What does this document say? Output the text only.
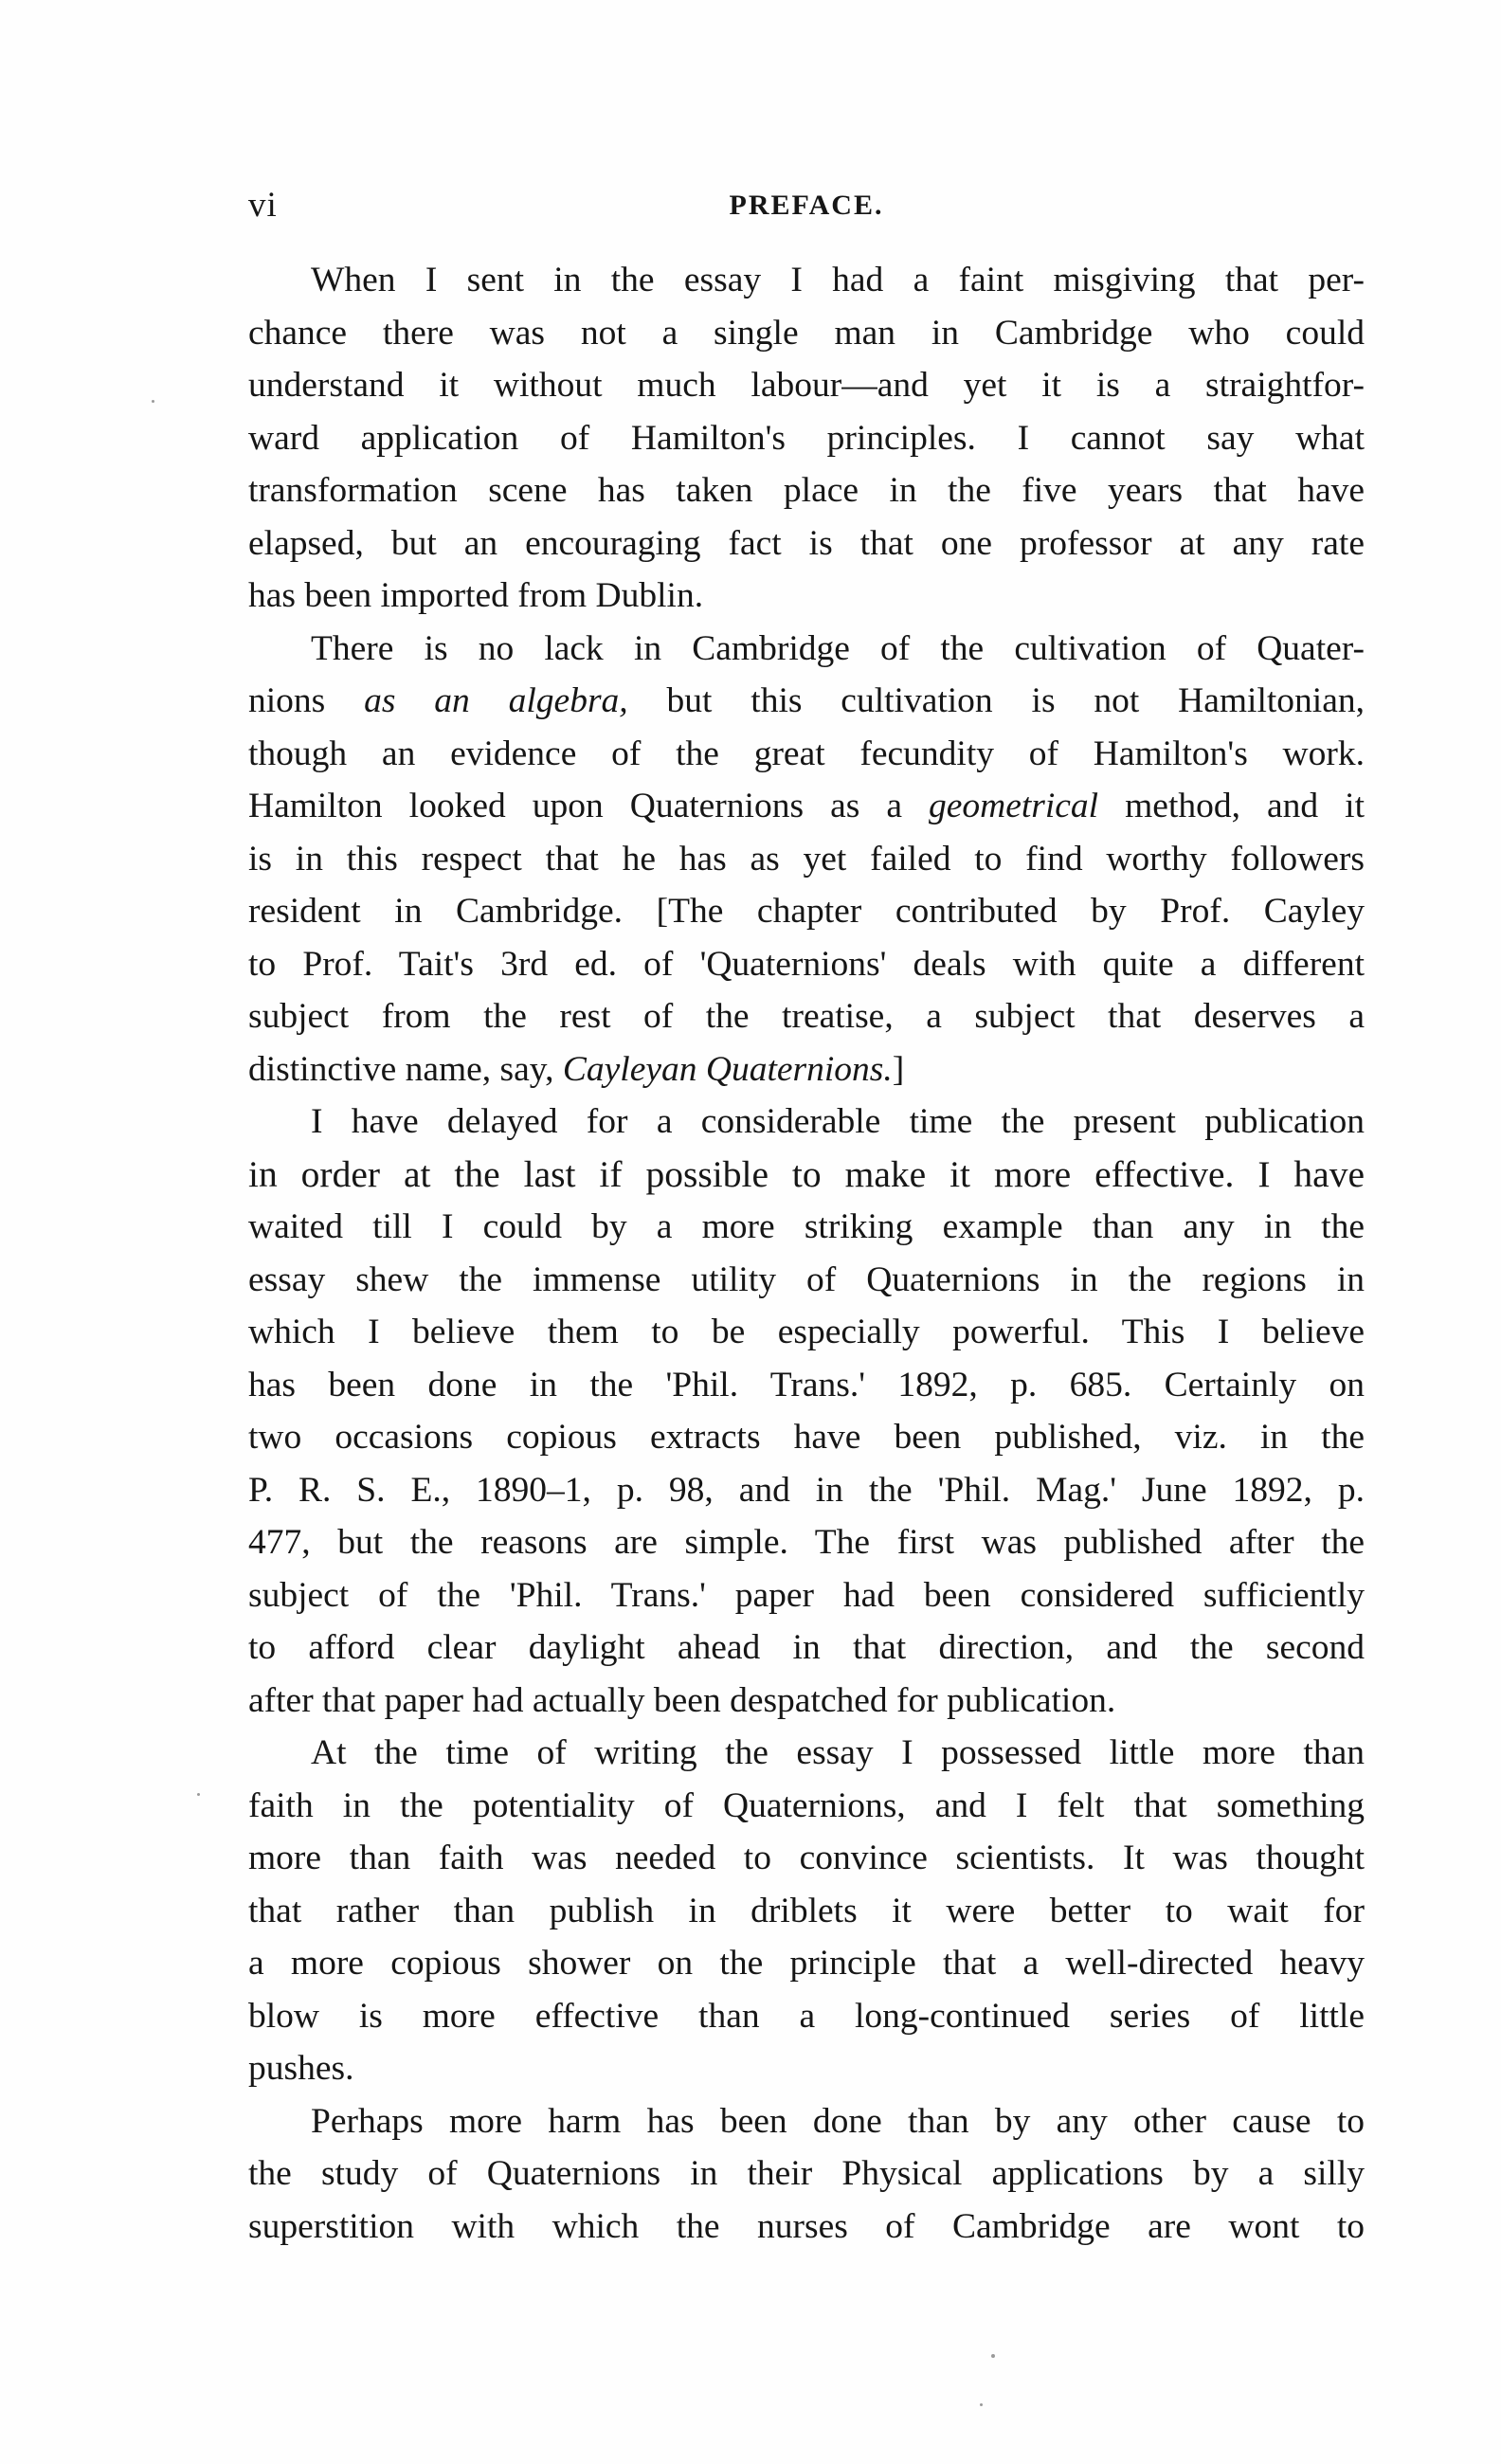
vi	PREFACE.

When I sent in the essay I had a faint misgiving that per-
chance there was not a single man in Cambridge who could
understand it without much labour—and yet it is a straightfor-
ward application of Hamilton's principles. I cannot say what
transformation scene has taken place in the five years that have
elapsed, but an encouraging fact is that one professor at any rate
has been imported from Dublin.

There is no lack in Cambridge of the cultivation of Quater-
nions as an algebra, but this cultivation is not Hamiltonian,
though an evidence of the great fecundity of Hamilton's work.
Hamilton looked upon Quaternions as a geometrical method, and it
is in this respect that he has as yet failed to find worthy followers
resident in Cambridge. [The chapter contributed by Prof. Cayley
to Prof. Tait's 3rd ed. of 'Quaternions' deals with quite a different
subject from the rest of the treatise, a subject that deserves a
distinctive name, say, Cayleyan Quaternions.]

I have delayed for a considerable time the present publication
in order at the last if possible to make it more effective. I have
waited till I could by a more striking example than any in the
essay shew the immense utility of Quaternions in the regions in
which I believe them to be especially powerful. This I believe
has been done in the 'Phil. Trans.' 1892, p. 685. Certainly on
two occasions copious extracts have been published, viz. in the
P. R. S. E., 1890–1, p. 98, and in the 'Phil. Mag.' June 1892, p.
477, but the reasons are simple. The first was published after the
subject of the 'Phil. Trans.' paper had been considered sufficiently
to afford clear daylight ahead in that direction, and the second
after that paper had actually been despatched for publication.

At the time of writing the essay I possessed little more than
faith in the potentiality of Quaternions, and I felt that something
more than faith was needed to convince scientists. It was thought
that rather than publish in driblets it were better to wait for
a more copious shower on the principle that a well-directed heavy
blow is more effective than a long-continued series of little
pushes.

Perhaps more harm has been done than by any other cause to
the study of Quaternions in their Physical applications by a silly
superstition with which the nurses of Cambridge are wont to
